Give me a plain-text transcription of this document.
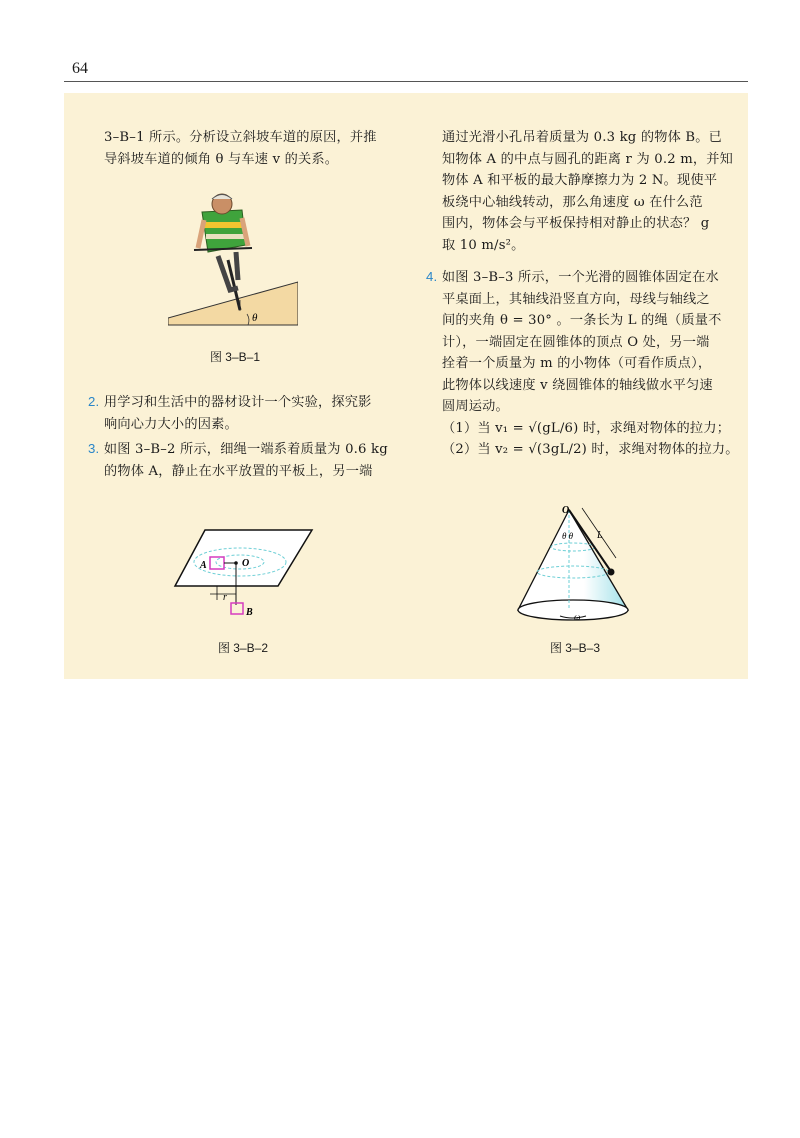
64
3–B–1 所示。分析设立斜坡车道的原因，并推
导斜坡车道的倾角 θ 与车速 v 的关系。
θ
图 3–B–1
2. 用学习和生活中的器材设计一个实验，探究影
响向心力大小的因素。
3. 如图 3–B–2 所示，细绳一端系着质量为 0.6 kg
的物体 A，静止在水平放置的平板上，另一端
A	O
r
B
图 3–B–2
通过光滑小孔吊着质量为 0.3 kg 的物体 B。已
知物体 A 的中点与圆孔的距离 r 为 0.2 m，并知
物体 A 和平板的最大静摩擦力为 2 N。现使平
板绕中心轴线转动，那么角速度 ω 在什么范
围内，物体会与平板保持相对静止的状态？ g
取 10 m/s²。
4. 如图 3–B–3 所示，一个光滑的圆锥体固定在水
平桌面上，其轴线沿竖直方向，母线与轴线之
间的夹角 θ = 30° 。一条长为 L 的绳（质量不
计），一端固定在圆锥体的顶点 O 处，另一端
拴着一个质量为 m 的小物体（可看作质点），
此物体以线速度 v 绕圆锥体的轴线做水平匀速
圆周运动。
（1）当 v₁ = √(gL/6) 时，求绳对物体的拉力；
（2）当 v₂ = √(3gL/2) 时，求绳对物体的拉力。
O
θ θ L
ω
图 3–B–3
